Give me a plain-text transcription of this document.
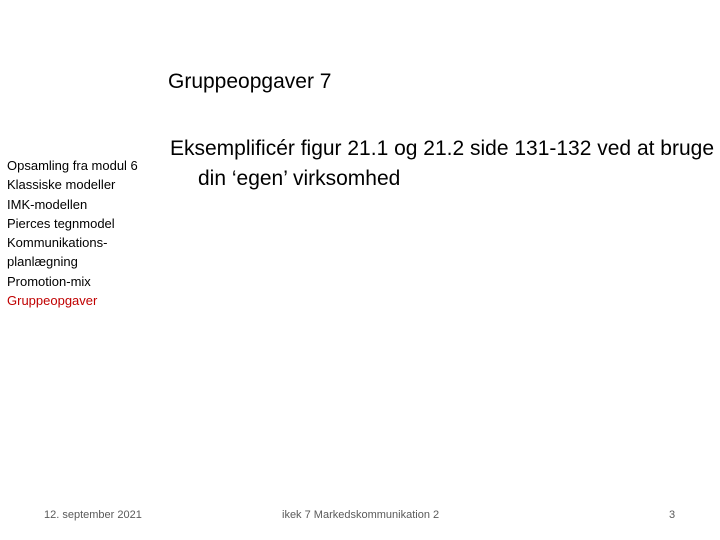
Gruppeopgaver 7
Opsamling fra modul 6
Klassiske modeller
IMK-modellen
Pierces tegnmodel
Kommunikations-
planlægning
Promotion-mix
Gruppeopgaver
Eksemplificér figur 21.1 og 21.2 side 131-132 ved at bruge din ‘egen’ virksomhed
12. september 2021	ikek 7 Markedskommunikation 2	3
